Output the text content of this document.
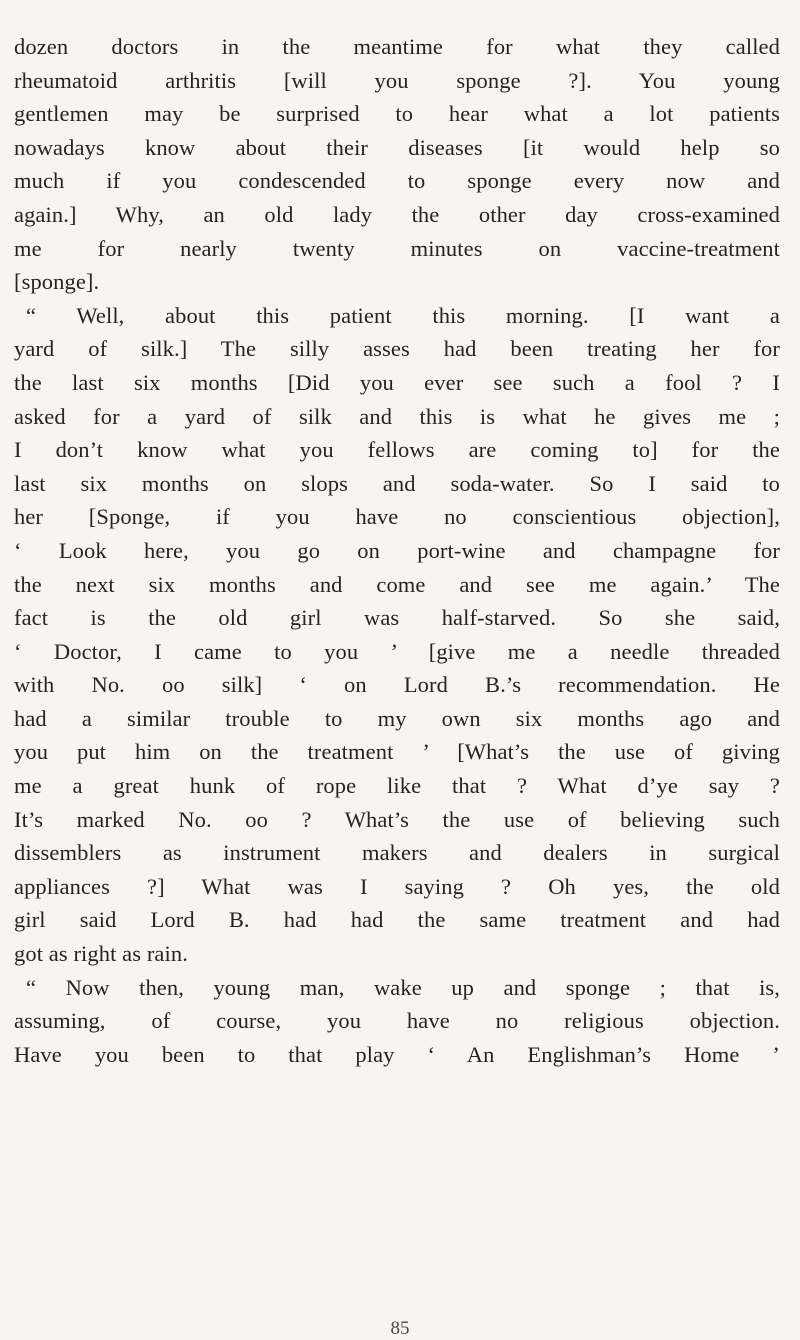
dozen doctors in the meantime for what they called
rheumatoid arthritis [will you sponge ?]. You young
gentlemen may be surprised to hear what a lot patients
nowadays know about their diseases [it would help so
much if you condescended to sponge every now and
again.] Why, an old lady the other day cross-examined
me for nearly twenty minutes on vaccine-treatment
[sponge].
“ Well, about this patient this morning. [I want a
yard of silk.] The silly asses had been treating her for
the last six months [Did you ever see such a fool ? I
asked for a yard of silk and this is what he gives me ;
I don’t know what you fellows are coming to] for the
last six months on slops and soda-water. So I said to
her [Sponge, if you have no conscientious objection],
‘ Look here, you go on port-wine and champagne for
the next six months and come and see me again.’ The
fact is the old girl was half-starved. So she said,
‘ Doctor, I came to you ’ [give me a needle threaded
with No. oo silk] ‘ on Lord B.’s recommendation. He
had a similar trouble to my own six months ago and
you put him on the treatment ’ [What’s the use of giving
me a great hunk of rope like that ? What d’ye say ?
It’s marked No. oo ? What’s the use of believing such
dissemblers as instrument makers and dealers in surgical
appliances ?] What was I saying ? Oh yes, the old
girl said Lord B. had had the same treatment and had
got as right as rain.
“ Now then, young man, wake up and sponge ; that is,
assuming, of course, you have no religious objection.
Have you been to that play ‘ An Englishman’s Home ’
85
